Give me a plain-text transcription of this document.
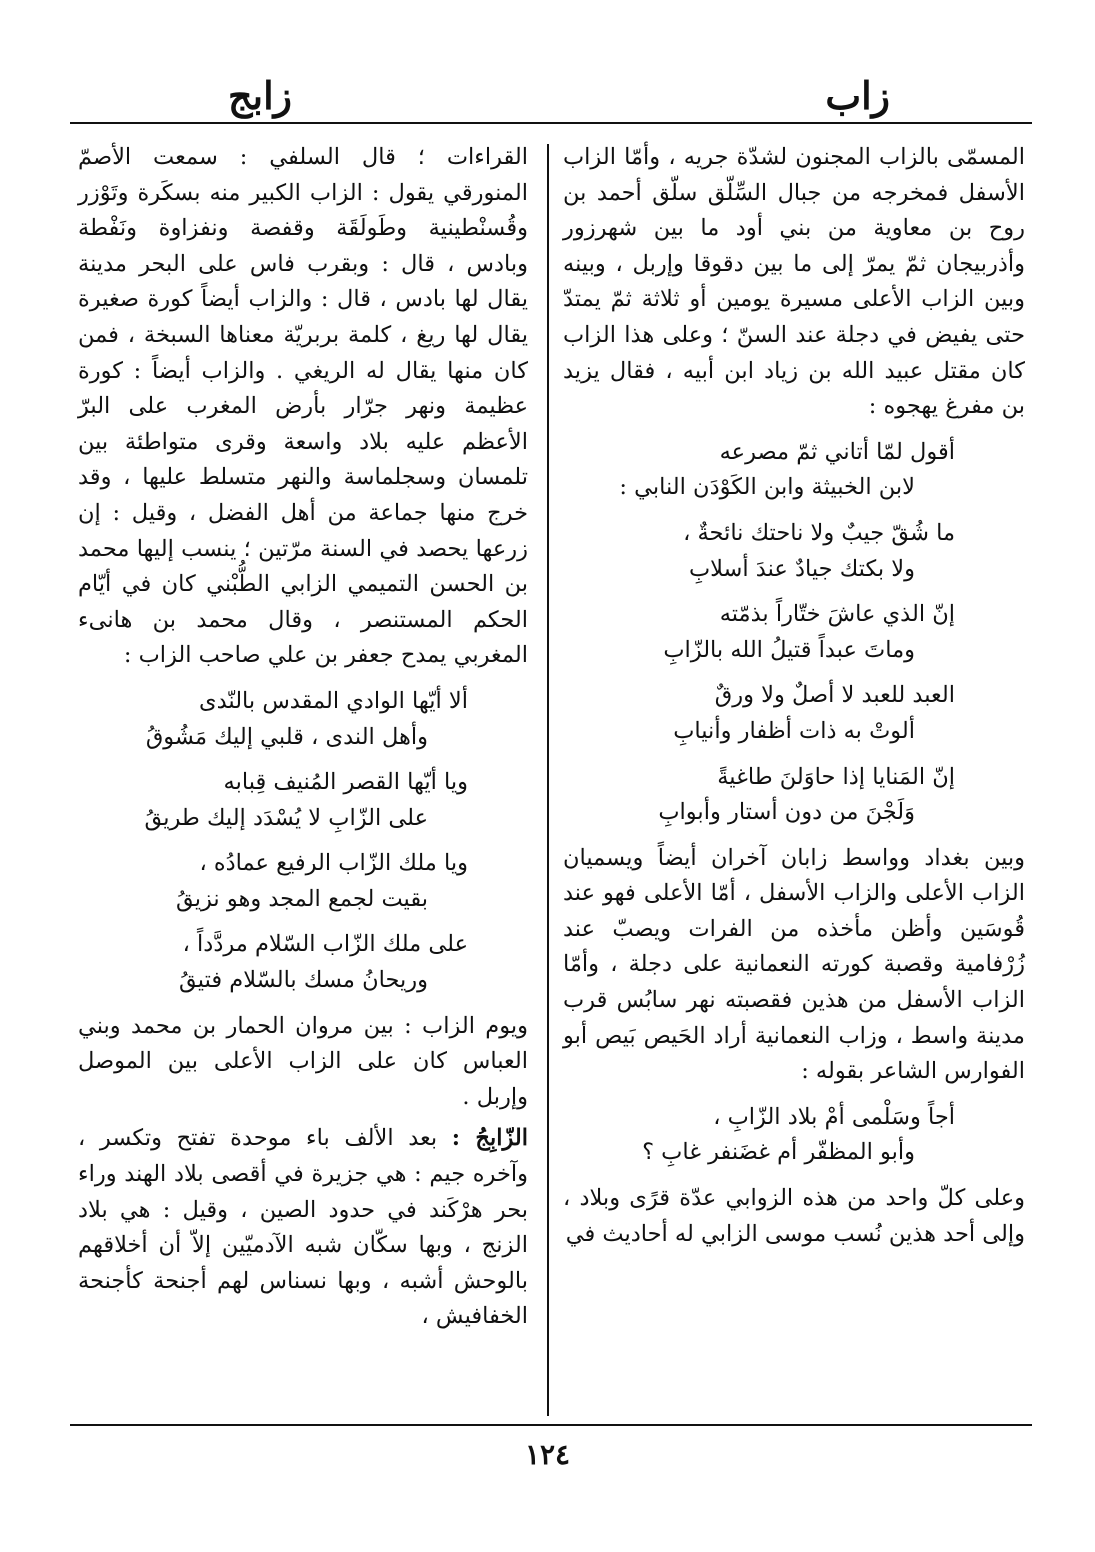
زاب
زابج

المسمّى بالزاب المجنون لشدّة جريه ، وأمّا الزاب الأسفل فمخرجه من جبال السِّلّق سلّق أحمد بن روح بن معاوية من بني أود ما بين شهرزور وأذربيجان ثمّ يمرّ إلى ما بين دقوقا وإربل ، وبينه وبين الزاب الأعلى مسيرة يومين أو ثلاثة ثمّ يمتدّ حتى يفيض في دجلة عند السنّ ؛ وعلى هذا الزاب كان مقتل عبيد الله بن زياد ابن أبيه ، فقال يزيد بن مفرغ يهجوه :

أقول لمّا أتاني ثمّ مصرعه

لابن الخبيثة وابن الكَوْدَن النابي :

ما شُقّ جيبٌ ولا ناحتك نائحةٌ ،

ولا بكتك جيادٌ عندَ أسلابِ

إنّ الذي عاشَ ختّاراً بذمّته

وماتَ عبداً قتيلُ الله بالزّابِ

العبد للعبد لا أصلٌ ولا ورقٌ

ألوتْ به ذات أظفار وأنيابِ

إنّ المَنايا إذا حاوَلنَ طاغيةً

وَلَجْنَ من دون أستار وأبوابِ

وبين بغداد وواسط زابان آخران أيضاً ويسميان الزاب الأعلى والزاب الأسفل ، أمّا الأعلى فهو عند قُوسَين وأظن مأخذه من الفرات ويصبّ عند زُرْفامية وقصبة كورته النعمانية على دجلة ، وأمّا الزاب الأسفل من هذين فقصبته نهر سابُس قرب مدينة واسط ، وزاب النعمانية أراد الحَيص بَيص أبو الفوارس الشاعر بقوله :

أجاً وسَلْمى أمْ بلاد الزّابِ ،

وأبو المظفّر أم غضَنفر غابِ ؟

وعلى كلّ واحد من هذه الزوابي عدّة قرًى وبلاد ، وإلى أحد هذين نُسب موسى الزابي له أحاديث في

القراءات ؛ قال السلفي : سمعت الأصمّ المنورقي يقول : الزاب الكبير منه بسكَرة وتَوْزر وقُسنْطينية وطَولَقَة وقفصة ونفزاوة ونَفْطة وبادس ، قال : وبقرب فاس على البحر مدينة يقال لها بادس ، قال : والزاب أيضاً كورة صغيرة يقال لها ريغ ، كلمة بربريّة معناها السبخة ، فمن كان منها يقال له الريغي . والزاب أيضاً : كورة عظيمة ونهر جرّار بأرض المغرب على البرّ الأعظم عليه بلاد واسعة وقرى متواطئة بين تلمسان وسجلماسة والنهر متسلط عليها ، وقد خرج منها جماعة من أهل الفضل ، وقيل : إن زرعها يحصد في السنة مرّتين ؛ ينسب إليها محمد بن الحسن التميمي الزابي الطُّبْني كان في أيّام الحكم المستنصر ، وقال محمد بن هانىء المغربي يمدح جعفر بن علي صاحب الزاب :

ألا أيّها الوادي المقدس بالنّدى

وأهل الندى ، قلبي إليك مَشُوقُ

ويا أيّها القصر المُنيف قِبابه

على الزّابِ لا يُسْدَد إليك طريقُ

ويا ملك الزّاب الرفيع عمادُه ،

بقيت لجمع المجد وهو نزيقُ

على ملك الزّاب السّلام مردَّداً ،

وريحانُ مسك بالسّلام فتيقُ

ويوم الزاب : بين مروان الحمار بن محمد وبني العباس كان على الزاب الأعلى بين الموصل وإربل .

الزّابِجُ : بعد الألف باء موحدة تفتح وتكسر ، وآخره جيم : هي جزيرة في أقصى بلاد الهند وراء بحر هرْكَند في حدود الصين ، وقيل : هي بلاد الزنج ، وبها سكّان شبه الآدميّين إلاّ أن أخلاقهم بالوحش أشبه ، وبها نسناس لهم أجنحة كأجنحة الخفافيش ،

١٢٤
